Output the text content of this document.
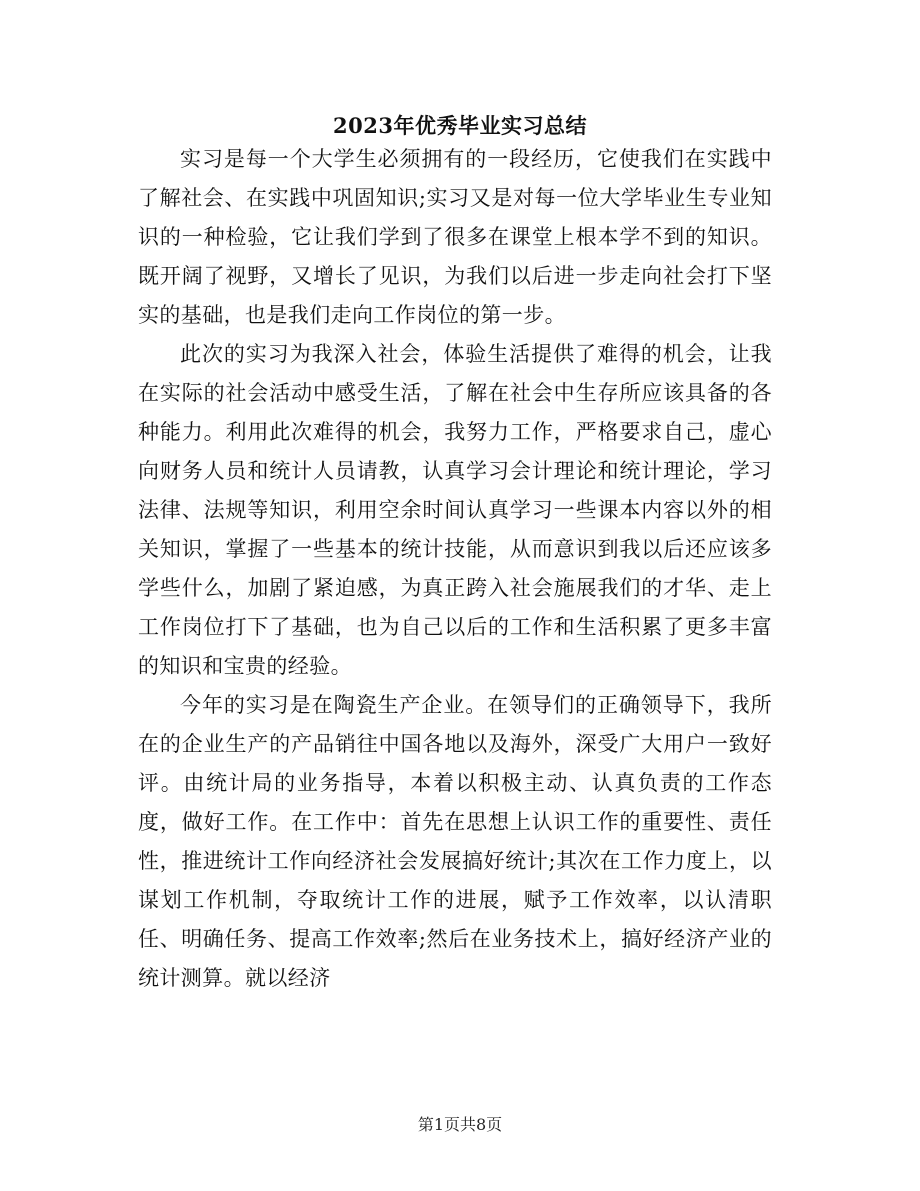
2023年优秀毕业实习总结

实习是每一个大学生必须拥有的一段经历，它使我们在实践中了解社会、在实践中巩固知识;实习又是对每一位大学毕业生专业知识的一种检验，它让我们学到了很多在课堂上根本学不到的知识。既开阔了视野，又增长了见识，为我们以后进一步走向社会打下坚实的基础，也是我们走向工作岗位的第一步。

此次的实习为我深入社会，体验生活提供了难得的机会，让我在实际的社会活动中感受生活，了解在社会中生存所应该具备的各种能力。利用此次难得的机会，我努力工作，严格要求自己，虚心向财务人员和统计人员请教，认真学习会计理论和统计理论，学习法律、法规等知识，利用空余时间认真学习一些课本内容以外的相关知识，掌握了一些基本的统计技能，从而意识到我以后还应该多学些什么，加剧了紧迫感，为真正跨入社会施展我们的才华、走上工作岗位打下了基础，也为自己以后的工作和生活积累了更多丰富的知识和宝贵的经验。

今年的实习是在陶瓷生产企业。在领导们的正确领导下，我所在的企业生产的产品销往中国各地以及海外，深受广大用户一致好评。由统计局的业务指导，本着以积极主动、认真负责的工作态度，做好工作。在工作中：首先在思想上认识工作的重要性、责任性，推进统计工作向经济社会发展搞好统计;其次在工作力度上，以谋划工作机制，夺取统计工作的进展，赋予工作效率，以认清职任、明确任务、提高工作效率;然后在业务技术上，搞好经济产业的统计测算。就以经济

第1页共8页
